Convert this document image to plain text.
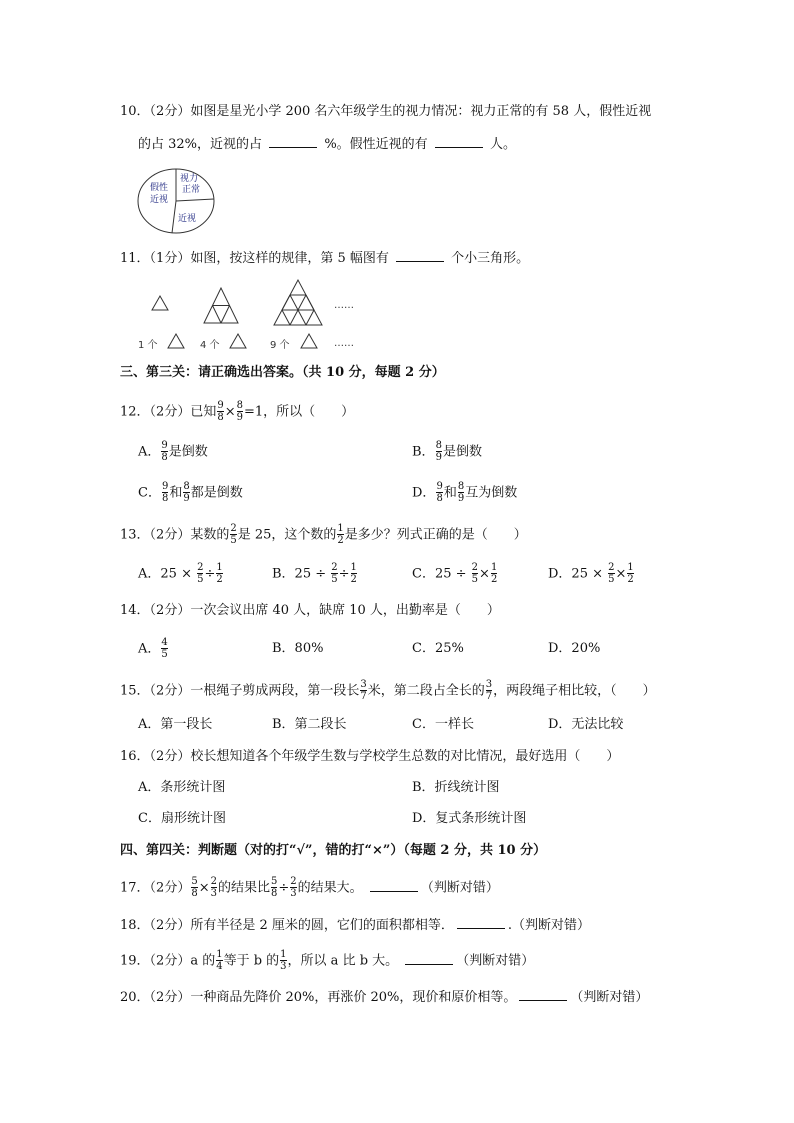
10．（2分）如图是星光小学 200 名六年级学生的视力情况：视力正常的有 58 人，假性近视
的占 32%，近视的占	%。假性近视的有	人。
视力
正常
假性
近视
近视
11．（1分）如图，按这样的规律，第 5 幅图有	个小三角形。
……
1 个	4 个	9 个	……
三、第三关：请正确选出答案。（共 10 分，每题 2 分）
12．（2分）已知 $\frac{9}{8} \times \frac{8}{9} =1$，所以（　　）
A． $\frac{9}{8}$ 是倒数	B． $\frac{8}{9}$ 是倒数
C． $\frac{9}{8}$ 和 $\frac{8}{9}$ 都是倒数	D． $\frac{9}{8}$ 和 $\frac{8}{9}$ 互为倒数
13．（2分）某数的 $\frac{2}{5}$ 是 25，这个数的 $\frac{1}{2}$ 是多少？列式正确的是（　　）
A．$25 \times \frac{2}{5} \div \frac{1}{2}$	B．$25 \div \frac{2}{5} \div \frac{1}{2}$	C．$25 \div \frac{2}{5} \times \frac{1}{2}$	D．$25 \times \frac{2}{5} \times \frac{1}{2}$
14．（2分）一次会议出席 40 人，缺席 10 人，出勤率是（　　）
A． $\frac{4}{5}$	B．80%	C．25%	D．20%
15．（2分）一根绳子剪成两段，第一段长 $\frac{3}{7}$ 米，第二段占全长的 $\frac{3}{7}$ ，两段绳子相比较，（　　）
A．第一段长	B．第二段长	C．一样长	D．无法比较
16．（2分）校长想知道各个年级学生数与学校学生总数的对比情况，最好选用（　　）
A．条形统计图	B．折线统计图
C．扇形统计图	D．复式条形统计图
四、第四关：判断题（对的打“√”，错的打“×”）（每题 2 分，共 10 分）
17．（2分） $\frac{5}{8} \times \frac{2}{3}$ 的结果比 $\frac{5}{8} \div \frac{2}{3}$ 的结果大。	（判断对错）
18．（2分）所有半径是 2 厘米的圆，它们的面积都相等．	.（判断对错）
19．（2分）a 的 $\frac{1}{4}$ 等于 b 的 $\frac{1}{3}$ ，所以 a 比 b 大。	（判断对错）
20．（2分）一种商品先降价 20%，再涨价 20%，现价和原价相等。	（判断对错）
